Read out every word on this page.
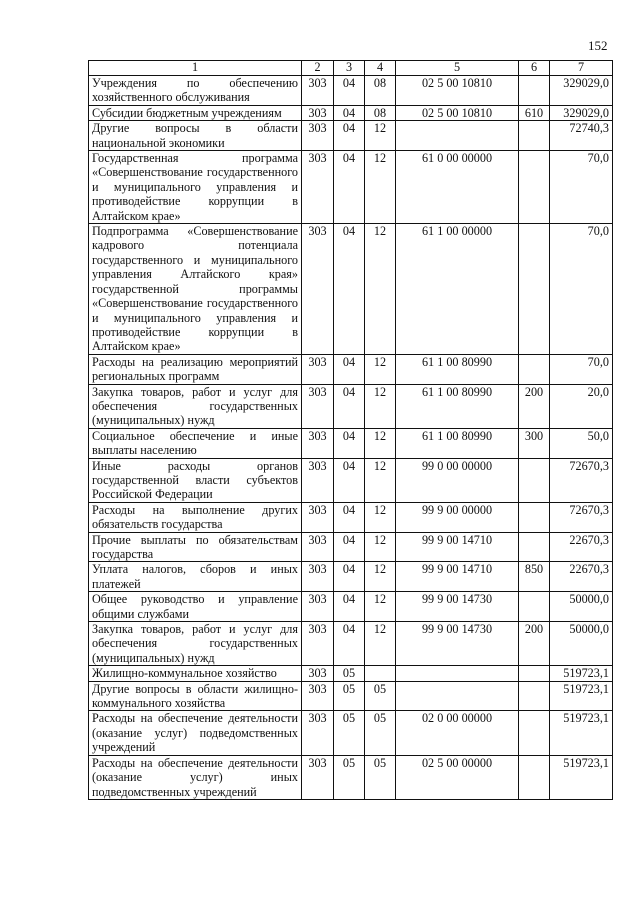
152
1	2	3	4	5	6	7
Учреждения по обеспечению хозяйственного обслуживания	303	04	08	02 5 00 10810		329029,0
Субсидии бюджетным учреждениям	303	04	08	02 5 00 10810	610	329029,0
Другие вопросы в области национальной экономики	303	04	12			72740,3
Государственная программа «Совершенствование государственного и муниципального управления и противодействие коррупции в Алтайском крае»	303	04	12	61 0 00 00000		70,0
Подпрограмма «Совершенствование кадрового потенциала государственного и муниципального управления Алтайского края» государственной программы «Совершенствование государственного и муниципального управления и противодействие коррупции в Алтайском крае»	303	04	12	61 1 00 00000		70,0
Расходы на реализацию мероприятий региональных программ	303	04	12	61 1 00 80990		70,0
Закупка товаров, работ и услуг для обеспечения государственных (муниципальных) нужд	303	04	12	61 1 00 80990	200	20,0
Социальное обеспечение и иные выплаты населению	303	04	12	61 1 00 80990	300	50,0
Иные расходы органов государственной власти субъектов Российской Федерации	303	04	12	99 0 00 00000		72670,3
Расходы на выполнение других обязательств государства	303	04	12	99 9 00 00000		72670,3
Прочие выплаты по обязательствам государства	303	04	12	99 9 00 14710		22670,3
Уплата налогов, сборов и иных платежей	303	04	12	99 9 00 14710	850	22670,3
Общее руководство и управление общими службами	303	04	12	99 9 00 14730		50000,0
Закупка товаров, работ и услуг для обеспечения государственных (муниципальных) нужд	303	04	12	99 9 00 14730	200	50000,0
Жилищно-коммунальное хозяйство	303	05				519723,1
Другие вопросы в области жилищно-коммунального хозяйства	303	05	05			519723,1
Расходы на обеспечение деятельности (оказание услуг) подведомственных учреждений	303	05	05	02 0 00 00000		519723,1
Расходы на обеспечение деятельности (оказание услуг) иных подведомственных учреждений	303	05	05	02 5 00 00000		519723,1
